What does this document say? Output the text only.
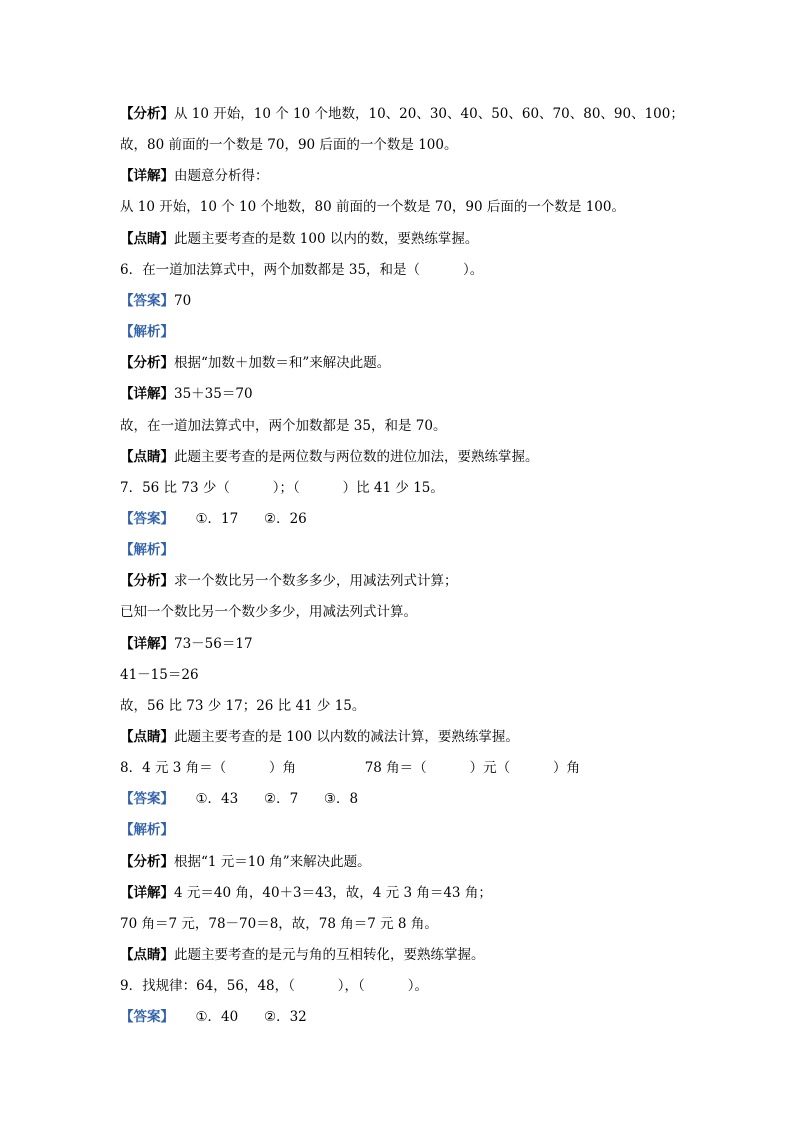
【分析】从 10 开始，10 个 10 个地数，10、20、30、40、50、60、70、80、90、100；
故，80 前面的一个数是 70，90 后面的一个数是 100。
【详解】由题意分析得：
从 10 开始，10 个 10 个地数，80 前面的一个数是 70，90 后面的一个数是 100。
【点睛】此题主要考查的是数 100 以内的数，要熟练掌握。
6．在一道加法算式中，两个加数都是 35，和是（          ）。
【答案】70
【解析】
【分析】根据“加数＋加数＝和”来解决此题。
【详解】35＋35＝70
故，在一道加法算式中，两个加数都是 35，和是 70。
【点睛】此题主要考查的是两位数与两位数的进位加法，要熟练掌握。
7．56 比 73 少（          ）；（          ）比 41 少 15。
【答案】     ①．17      ②．26
【解析】
【分析】求一个数比另一个数多多少，用减法列式计算；
已知一个数比另一个数少多少，用减法列式计算。
【详解】73－56＝17
41－15＝26
故，56 比 73 少 17；26 比 41 少 15。
【点睛】此题主要考查的是 100 以内数的减法计算，要熟练掌握。
8．4 元 3 角＝（          ）角                78 角＝（          ）元（          ）角
【答案】     ①．43      ②．7      ③．8
【解析】
【分析】根据“1 元＝10 角”来解决此题。
【详解】4 元＝40 角，40＋3＝43，故，4 元 3 角＝43 角；
70 角＝7 元，78－70＝8，故，78 角＝7 元 8 角。
【点睛】此题主要考查的是元与角的互相转化，要熟练掌握。
9．找规律：64，56，48，（          ），（          ）。
【答案】     ①．40      ②．32
